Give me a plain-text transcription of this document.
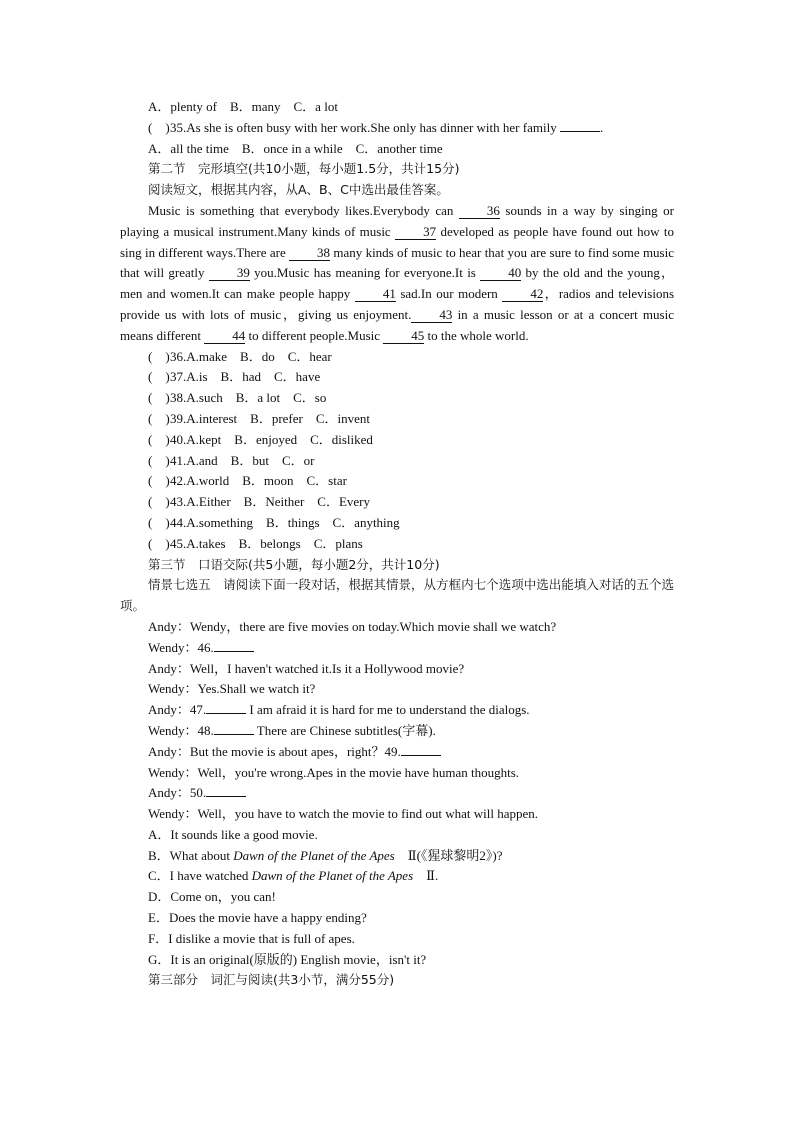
A．plenty of　B．many　C．a lot
(　)35.As she is often busy with her work.She only has dinner with her family	.
A．all the time　B．once in a while　C．another time
第二节　完形填空(共10小题，每小题1.5分，共计15分)
阅读短文，根据其内容，从A、B、C中选出最佳答案。
Music is something that everybody likes.Everybody can 36 sounds in a way by singing or playing a musical instrument.Many kinds of music 37 developed as people have found out how to sing in different ways.There are 38 many kinds of music to hear that you are sure to find some music that will greatly 39 you.Music has meaning for everyone.It is 40 by the old and the young，men and women.It can make people happy 41 sad.In our modern 42，radios and televisions provide us with lots of music，giving us enjoyment. 43 in a music lesson or at a concert music means different 44 to different people.Music 45 to the whole world.
(　)36.A.make　B．do　C．hear
(　)37.A.is　B．had　C．have
(　)38.A.such　B．a lot　C．so
(　)39.A.interest　B．prefer　C．invent
(　)40.A.kept　B．enjoyed　C．disliked
(　)41.A.and　B．but　C．or
(　)42.A.world　B．moon　C．star
(　)43.A.Either　B．Neither　C．Every
(　)44.A.something　B．things　C．anything
(　)45.A.takes　B．belongs　C．plans
第三节　口语交际(共5小题，每小题2分，共计10分)
情景七选五　请阅读下面一段对话，根据其情景，从方框内七个选项中选出能填入对话的五个选项。
Andy：Wendy，there are five movies on today.Which movie shall we watch?
Wendy：46.
Andy：Well，I haven't watched it.Is it a Hollywood movie?
Wendy：Yes.Shall we watch it?
Andy：47.	I am afraid it is hard for me to understand the dialogs.
Wendy：48.	There are Chinese subtitles(字幕).
Andy：But the movie is about apes，right？49.
Wendy：Well，you're wrong.Apes in the movie have human thoughts.
Andy：50.
Wendy：Well，you have to watch the movie to find out what will happen.
A．It sounds like a good movie.
B．What about Dawn of the Planet of the Apes　Ⅱ(《猩球黎明2》)?
C．I have watched Dawn of the Planet of the Apes　Ⅱ.
D．Come on，you can!
E．Does the movie have a happy ending?
F．I dislike a movie that is full of apes.
G．It is an original(原版的) English movie，isn't it?
第三部分　词汇与阅读(共3小节，满分55分)
